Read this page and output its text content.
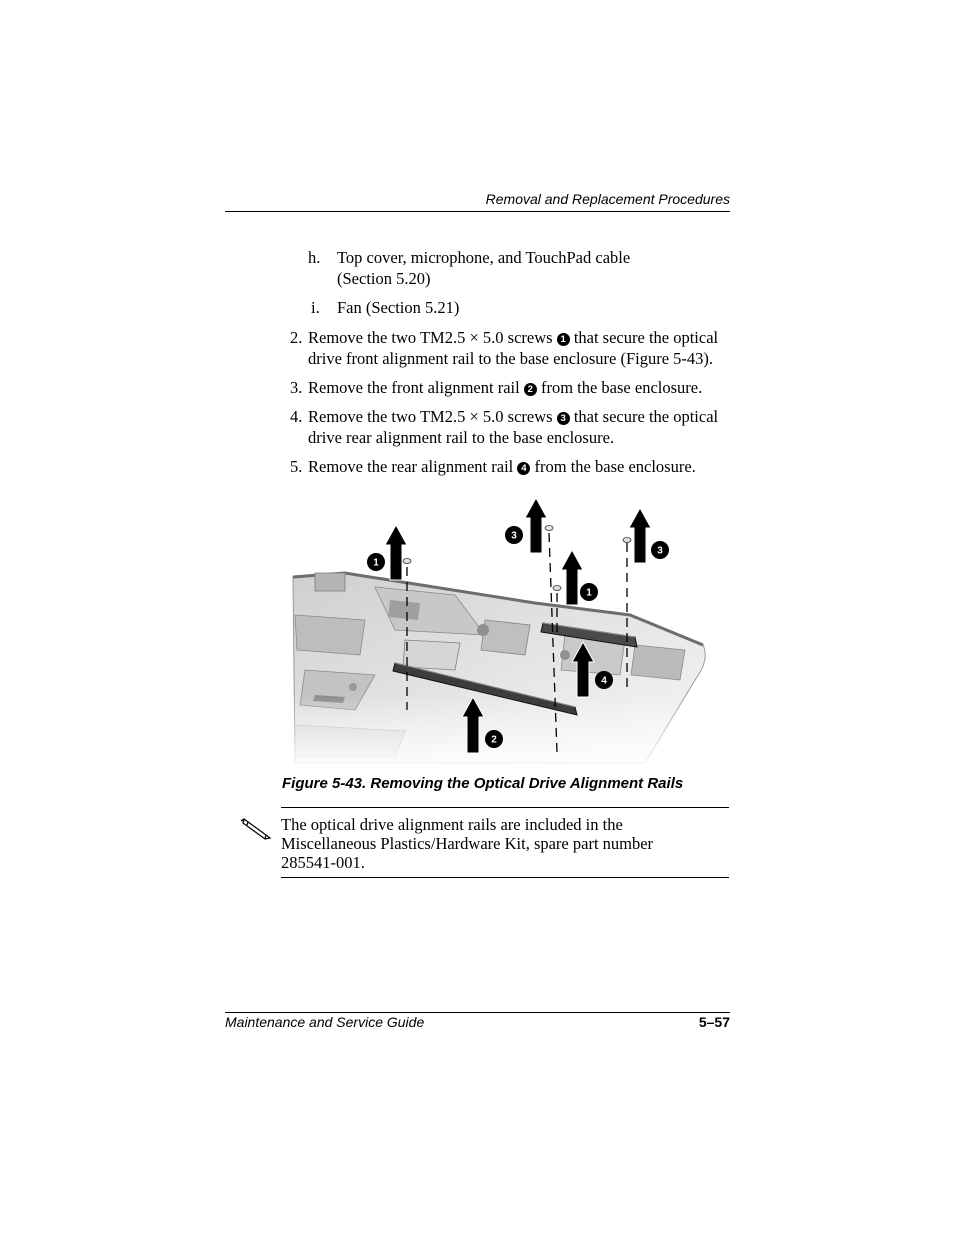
Removal and Replacement Procedures
h. Top cover, microphone, and TouchPad cable
(Section 5.20)
i. Fan (Section 5.21)
2. Remove the two TM2.5 × 5.0 screws 1 that secure the optical
drive front alignment rail to the base enclosure (Figure 5-43).
3. Remove the front alignment rail 2 from the base enclosure.
4. Remove the two TM2.5 × 5.0 screws 3 that secure the optical
drive rear alignment rail to the base enclosure.
5. Remove the rear alignment rail 4 from the base enclosure.
1
3
1
3
4
2
Figure 5-43. Removing the Optical Drive Alignment Rails
The optical drive alignment rails are included in the
Miscellaneous Plastics/Hardware Kit, spare part number
285541-001.
Maintenance and Service Guide	5–57
